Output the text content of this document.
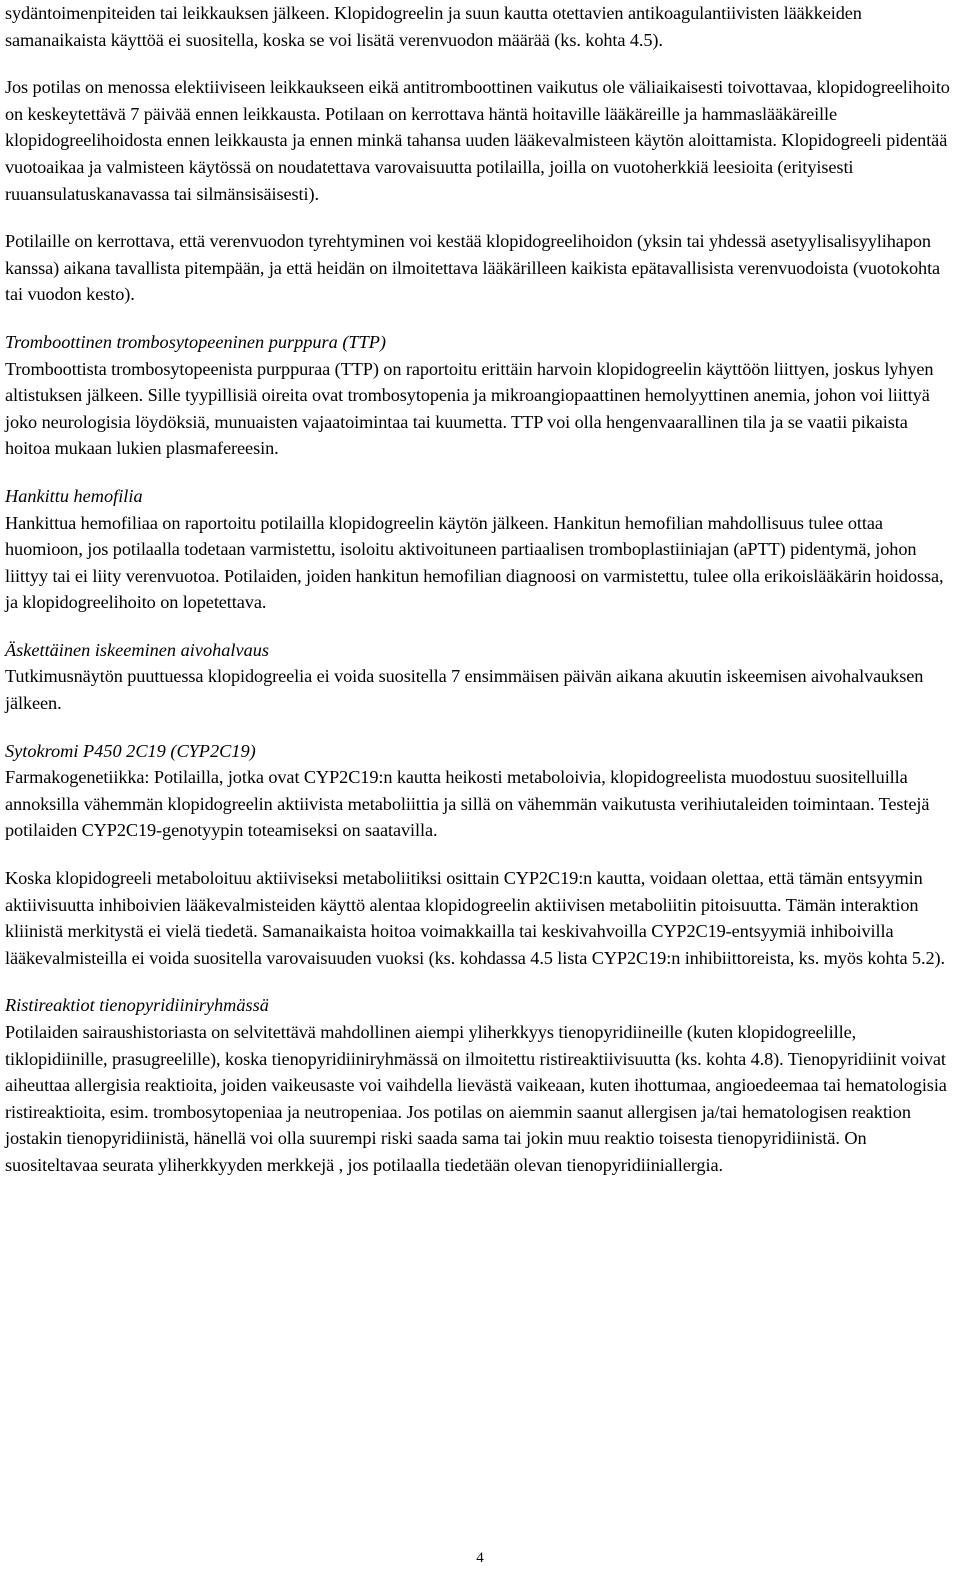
sydäntoimenpiteiden tai leikkauksen jälkeen. Klopidogreelin ja suun kautta otettavien antikoagulantiivisten lääkkeiden samanaikaista käyttöä ei suositella, koska se voi lisätä verenvuodon määrää (ks. kohta 4.5).

Jos potilas on menossa elektiiviseen leikkaukseen eikä antitromboottinen vaikutus ole väliaikaisesti toivottavaa, klopidogreelihoito on keskeytettävä 7 päivää ennen leikkausta. Potilaan on kerrottava häntä hoitaville lääkäreille ja hammaslääkäreille klopidogreelihoidosta ennen leikkausta ja ennen minkä tahansa uuden lääkevalmisteen käytön aloittamista. Klopidogreeli pidentää vuotoaikaa ja valmisteen käytössä on noudatettava varovaisuutta potilailla, joilla on vuotoherkkiä leesioita (erityisesti ruuansulatuskanavassa tai silmänsisäisesti).

Potilaille on kerrottava, että verenvuodon tyrehtyminen voi kestää klopidogreelihoidon (yksin tai yhdessä asetyylisalisyylihapon kanssa) aikana tavallista pitempään, ja että heidän on ilmoitettava lääkärilleen kaikista epätavallisista verenvuodoista (vuotokohta tai vuodon kesto).

Tromboottinen trombosytopeeninen purppura (TTP)

Tromboottista trombosytopeenista purppuraa (TTP) on raportoitu erittäin harvoin klopidogreelin käyttöön liittyen, joskus lyhyen altistuksen jälkeen. Sille tyypillisiä oireita ovat trombosytopenia ja mikroangiopaattinen hemolyyttinen anemia, johon voi liittyä joko neurologisia löydöksiä, munuaisten vajaatoimintaa tai kuumetta. TTP voi olla hengenvaarallinen tila ja se vaatii pikaista hoitoa mukaan lukien plasmafereesin.

Hankittu hemofilia

Hankittua hemofiliaa on raportoitu potilailla klopidogreelin käytön jälkeen. Hankitun hemofilian mahdollisuus tulee ottaa huomioon, jos potilaalla todetaan varmistettu, isoloitu aktivoituneen partiaalisen tromboplastiiniajan (aPTT) pidentymä, johon liittyy tai ei liity verenvuotoa. Potilaiden, joiden hankitun hemofilian diagnoosi on varmistettu, tulee olla erikoislääkärin hoidossa, ja klopidogreelihoito on lopetettava.

Äskettäinen iskeeminen aivohalvaus

Tutkimusnäytön puuttuessa klopidogreelia ei voida suositella 7 ensimmäisen päivän aikana akuutin iskeemisen aivohalvauksen jälkeen.

Sytokromi P450 2C19 (CYP2C19)

Farmakogenetiikka: Potilailla, jotka ovat CYP2C19:n kautta heikosti metaboloivia, klopidogreelista muodostuu suositelluilla annoksilla vähemmän klopidogreelin aktiivista metaboliittia ja sillä on vähemmän vaikutusta verihiutaleiden toimintaan. Testejä potilaiden CYP2C19-genotyypin toteamiseksi on saatavilla.

Koska klopidogreeli metaboloituu aktiiviseksi metaboliitiksi osittain CYP2C19:n kautta, voidaan olettaa, että tämän entsyymin aktiivisuutta inhiboivien lääkevalmisteiden käyttö alentaa klopidogreelin aktiivisen metaboliitin pitoisuutta. Tämän interaktion kliinistä merkitystä ei vielä tiedetä. Samanaikaista hoitoa voimakkailla tai keskivahvoilla CYP2C19-entsyymiä inhiboivilla lääkevalmisteilla ei voida suositella varovaisuuden vuoksi (ks. kohdassa 4.5 lista CYP2C19:n inhibiittoreista, ks. myös kohta 5.2).

Ristireaktiot tienopyridiiniryhmässä

Potilaiden sairaushistoriasta on selvitettävä mahdollinen aiempi yliherkkyys tienopyridiineille (kuten klopidogreelille, tiklopidiinille, prasugreelille), koska tienopyridiiniryhmässä on ilmoitettu ristireaktiivisuutta (ks. kohta 4.8). Tienopyridiinit voivat aiheuttaa allergisia reaktioita, joiden vaikeusaste voi vaihdella lievästä vaikeaan, kuten ihottumaa, angioedeemaa tai hematologisia ristireaktioita, esim. trombosytopeniaa ja neutropeniaa. Jos potilas on aiemmin saanut allergisen ja/tai hematologisen reaktion jostakin tienopyridiinistä, hänellä voi olla suurempi riski saada sama tai jokin muu reaktio toisesta tienopyridiinistä. On suositeltavaa seurata yliherkkyyden merkkejä , jos potilaalla tiedetään olevan tienopyridiiniallergia.

4
